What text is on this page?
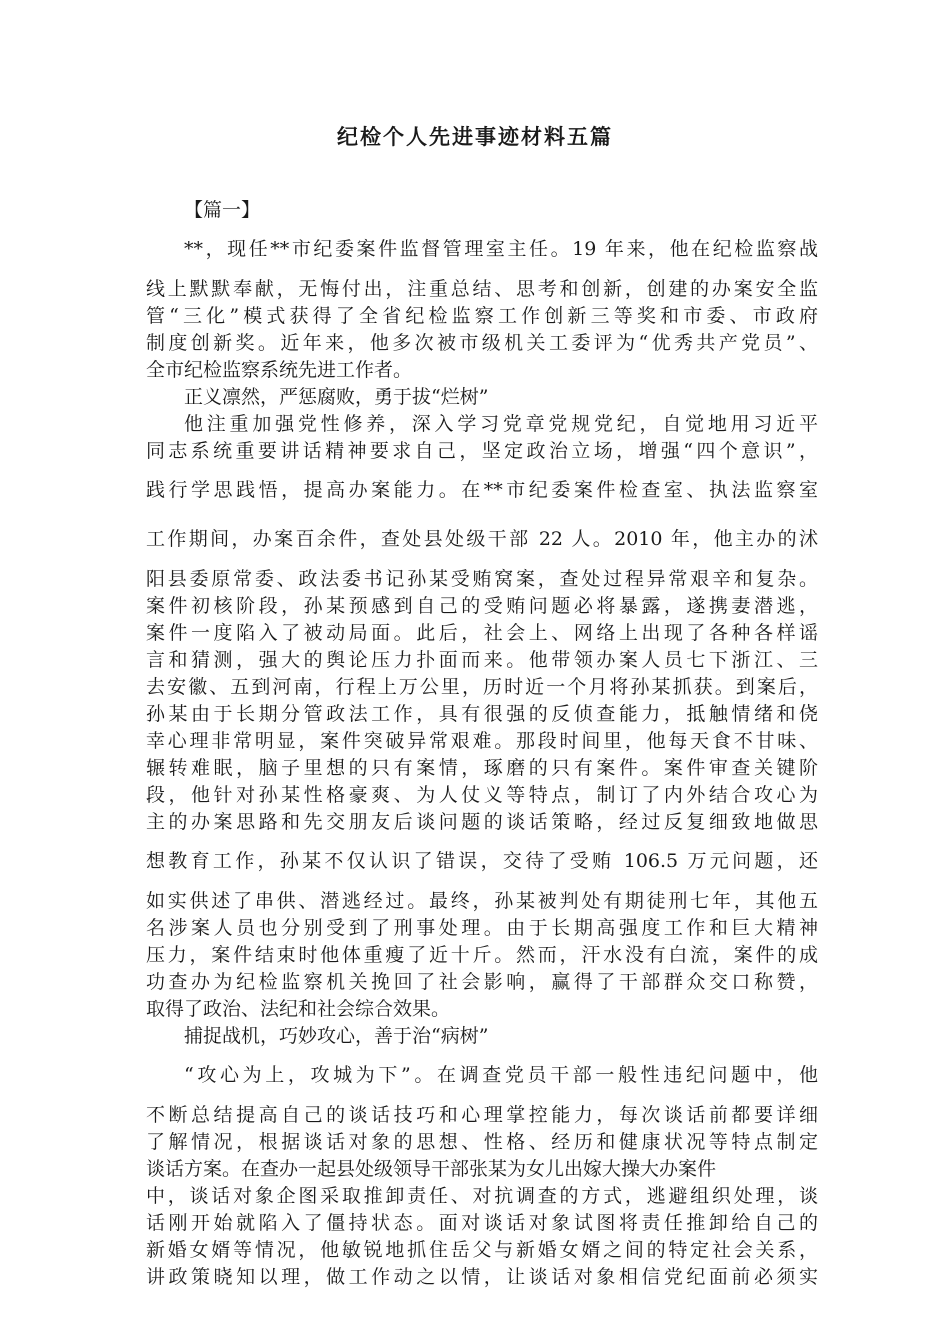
纪检个人先进事迹材料五篇
【篇一】
**，现任**市纪委案件监督管理室主任。19 年来，他在纪检监察战
线上默默奉献，无悔付出，注重总结、思考和创新，创建的办案安全监
管“三化”模式获得了全省纪检监察工作创新三等奖和市委、市政府
制度创新奖。近年来，他多次被市级机关工委评为“优秀共产党员”、
全市纪检监察系统先进工作者。
正义凛然，严惩腐败，勇于拔“烂树”
他注重加强党性修养，深入学习党章党规党纪，自觉地用习近平
同志系统重要讲话精神要求自己，坚定政治立场，增强“四个意识”，
践行学思践悟，提高办案能力。在**市纪委案件检查室、执法监察室
工作期间，办案百余件，查处县处级干部 22 人。2010 年，他主办的沭
阳县委原常委、政法委书记孙某受贿窝案，查处过程异常艰辛和复杂。
案件初核阶段，孙某预感到自己的受贿问题必将暴露，遂携妻潜逃，
案件一度陷入了被动局面。此后，社会上、网络上出现了各种各样谣
言和猜测，强大的舆论压力扑面而来。他带领办案人员七下浙江、三
去安徽、五到河南，行程上万公里，历时近一个月将孙某抓获。到案后，
孙某由于长期分管政法工作，具有很强的反侦查能力，抵触情绪和侥
幸心理非常明显，案件突破异常艰难。那段时间里，他每天食不甘味、
辗转难眠，脑子里想的只有案情，琢磨的只有案件。案件审查关键阶
段，他针对孙某性格豪爽、为人仗义等特点，制订了内外结合攻心为
主的办案思路和先交朋友后谈问题的谈话策略，经过反复细致地做思
想教育工作，孙某不仅认识了错误，交待了受贿 106.5 万元问题，还
如实供述了串供、潜逃经过。最终，孙某被判处有期徒刑七年，其他五
名涉案人员也分别受到了刑事处理。由于长期高强度工作和巨大精神
压力，案件结束时他体重瘦了近十斤。然而，汗水没有白流，案件的成
功查办为纪检监察机关挽回了社会影响，赢得了干部群众交口称赞，
取得了政治、法纪和社会综合效果。
捕捉战机，巧妙攻心，善于治“病树”
“攻心为上，攻城为下”。在调查党员干部一般性违纪问题中，他
不断总结提高自己的谈话技巧和心理掌控能力，每次谈话前都要详细
了解情况，根据谈话对象的思想、性格、经历和健康状况等特点制定
谈话方案。在查办一起县处级领导干部张某为女儿出嫁大操大办案件
中，谈话对象企图采取推卸责任、对抗调查的方式，逃避组织处理，谈
话刚开始就陷入了僵持状态。面对谈话对象试图将责任推卸给自己的
新婚女婿等情况，他敏锐地抓住岳父与新婚女婿之间的特定社会关系，
讲政策晓知以理，做工作动之以情，让谈话对象相信党纪面前必须实
